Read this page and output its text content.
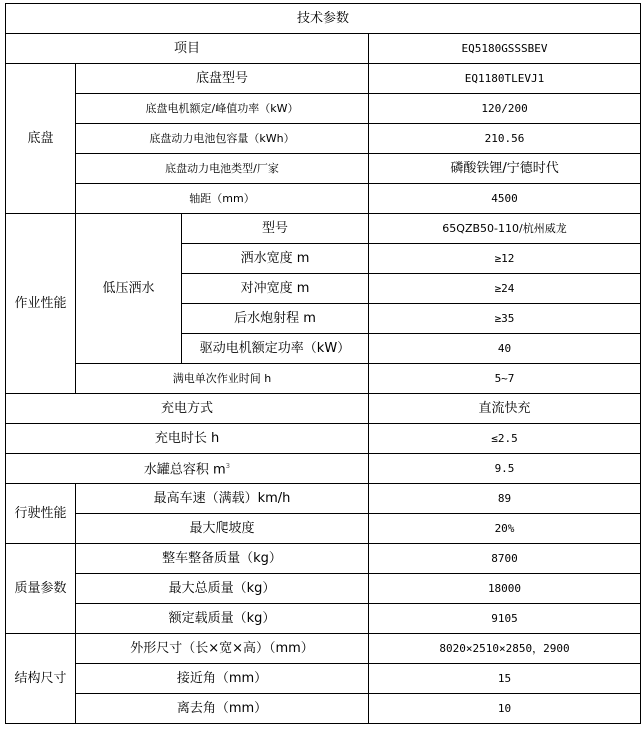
技术参数			
项目			EQ5180GSSSBEV
底盘	底盘型号		EQ1180TLEVJ1
	底盘电机额定/峰值功率（kW）		120/200
	底盘动力电池包容量（kWh）		210.56
	底盘动力电池类型/厂家		磷酸铁锂/宁德时代
	轴距（mm）		4500
作业性能	低压洒水	型号	65QZB50-110/杭州威龙
		洒水宽度 m	≥12
		对冲宽度 m	≥24
		后水炮射程 m	≥35
		驱动电机额定功率（kW）	40
	满电单次作业时间 h		5~7
充电方式			直流快充
充电时长 h			≤2.5
水罐总容积 $m^3$			9.5
行驶性能	最高车速（满载）km/h		89
	最大爬坡度		20%
质量参数	整车整备质量（kg）		8700
	最大总质量（kg）		18000
	额定载质量（kg）		9105
结构尺寸	外形尺寸（长×宽×高）（mm）		8020×2510×2850，2900
	接近角（mm）		15
	离去角（mm）		10
